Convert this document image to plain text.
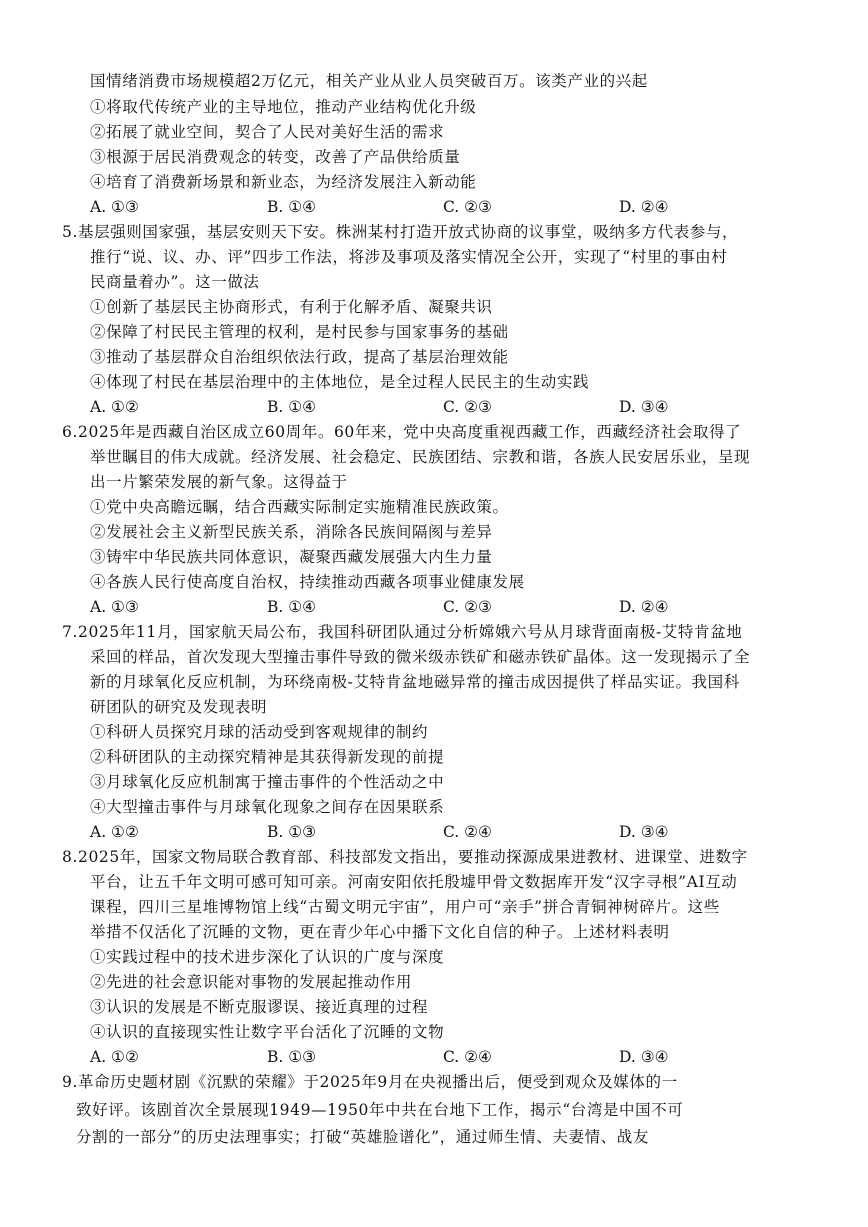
国情绪消费市场规模超2万亿元，相关产业从业人员突破百万。该类产业的兴起
①将取代传统产业的主导地位，推动产业结构优化升级
②拓展了就业空间，契合了人民对美好生活的需求
③根源于居民消费观念的转变，改善了产品供给质量
④培育了消费新场景和新业态，为经济发展注入新动能
A. ①③	B. ①④	C. ②③	D. ②④
5.基层强则国家强，基层安则天下安。株洲某村打造开放式协商的议事堂，吸纳多方代表参与，
推行“说、议、办、评”四步工作法，将涉及事项及落实情况全公开，实现了“村里的事由村
民商量着办”。这一做法
①创新了基层民主协商形式，有利于化解矛盾、凝聚共识
②保障了村民民主管理的权利，是村民参与国家事务的基础
③推动了基层群众自治组织依法行政，提高了基层治理效能
④体现了村民在基层治理中的主体地位，是全过程人民民主的生动实践
A. ①②	B. ①④	C. ②③	D. ③④
6.2025年是西藏自治区成立60周年。60年来，党中央高度重视西藏工作，西藏经济社会取得了
举世瞩目的伟大成就。经济发展、社会稳定、民族团结、宗教和谐，各族人民安居乐业，呈现
出一片繁荣发展的新气象。这得益于
①党中央高瞻远瞩，结合西藏实际制定实施精准民族政策。
②发展社会主义新型民族关系，消除各民族间隔阂与差异
③铸牢中华民族共同体意识，凝聚西藏发展强大内生力量
④各族人民行使高度自治权，持续推动西藏各项事业健康发展
A. ①③	B. ①④	C. ②③	D. ②④
7.2025年11月，国家航天局公布，我国科研团队通过分析嫦娥六号从月球背面南极-艾特肯盆地
采回的样品，首次发现大型撞击事件导致的微米级赤铁矿和磁赤铁矿晶体。这一发现揭示了全
新的月球氧化反应机制，为环绕南极-艾特肯盆地磁异常的撞击成因提供了样品实证。我国科
研团队的研究及发现表明
①科研人员探究月球的活动受到客观规律的制约
②科研团队的主动探究精神是其获得新发现的前提
③月球氧化反应机制寓于撞击事件的个性活动之中
④大型撞击事件与月球氧化现象之间存在因果联系
A. ①②	B. ①③	C. ②④	D. ③④
8.2025年，国家文物局联合教育部、科技部发文指出，要推动探源成果进教材、进课堂、进数字
平台，让五千年文明可感可知可亲。河南安阳依托殷墟甲骨文数据库开发“汉字寻根”AI互动
课程，四川三星堆博物馆上线“古蜀文明元宇宙”，用户可“亲手”拼合青铜神树碎片。这些
举措不仅活化了沉睡的文物，更在青少年心中播下文化自信的种子。上述材料表明
①实践过程中的技术进步深化了认识的广度与深度
②先进的社会意识能对事物的发展起推动作用
③认识的发展是不断克服谬误、接近真理的过程
④认识的直接现实性让数字平台活化了沉睡的文物
A. ①②	B. ①③	C. ②④	D. ③④
9.革命历史题材剧《沉默的荣耀》于2025年9月在央视播出后，便受到观众及媒体的一
致好评。该剧首次全景展现1949—1950年中共在台地下工作，揭示“台湾是中国不可
分割的一部分”的历史法理事实；打破“英雄脸谱化”，通过师生情、夫妻情、战友
